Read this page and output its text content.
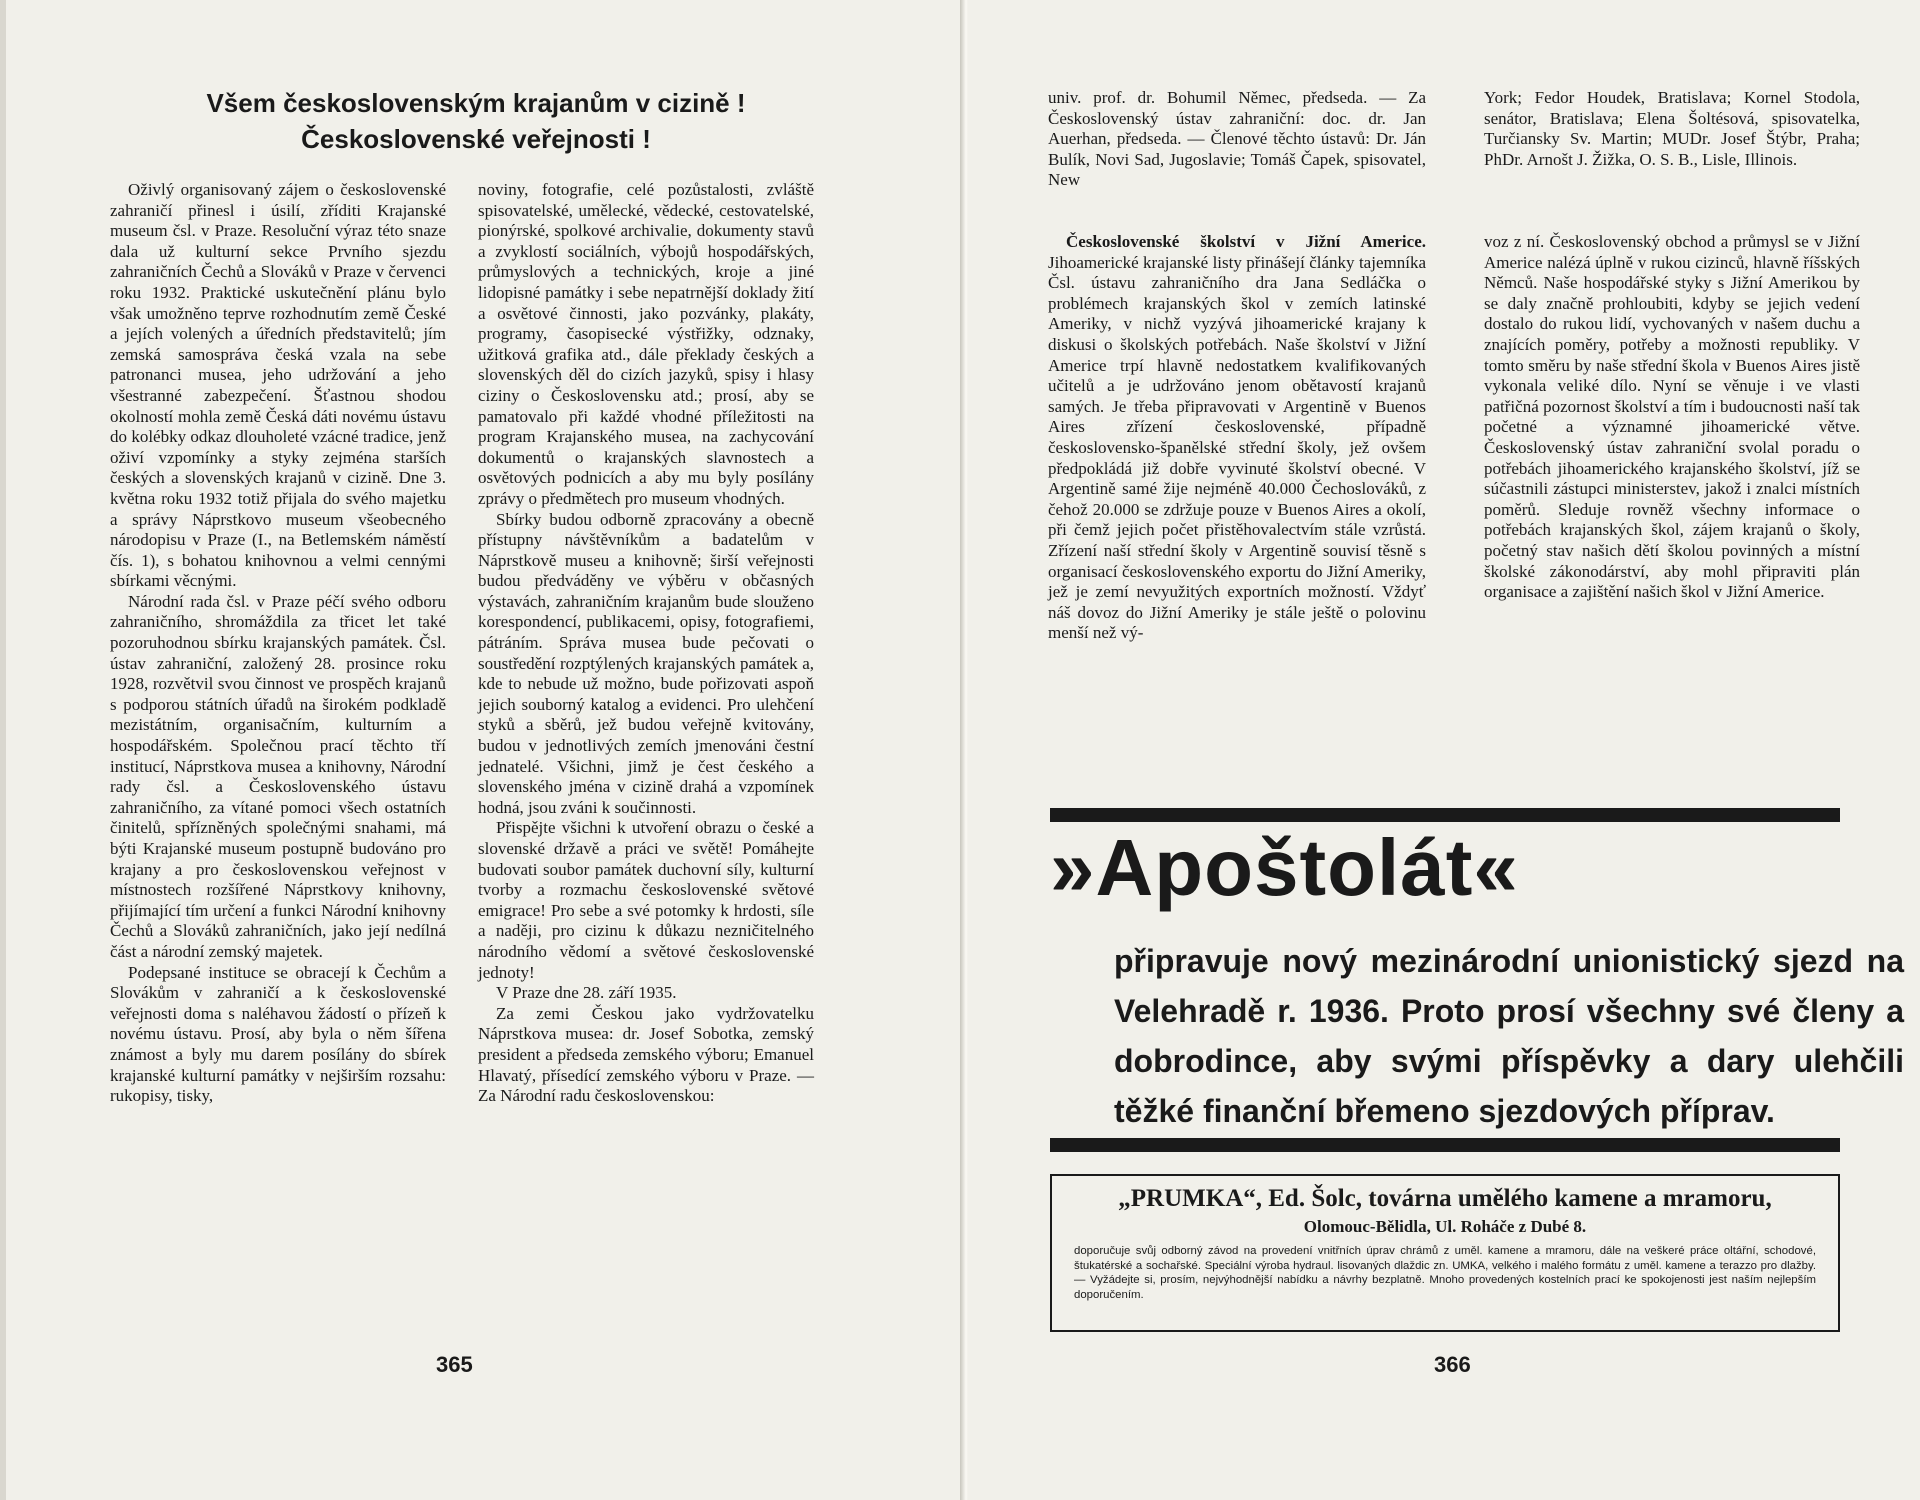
Všem československým krajanům v cizině !
Československé veřejnosti !

Oživlý organisovaný zájem o československé zahraničí přinesl i úsilí, zříditi Krajanské museum čsl. v Praze. Resoluční výraz této snaze dala už kulturní sekce Prvního sjezdu zahraničních Čechů a Slováků v Praze v červenci roku 1932. Praktické uskutečnění plánu bylo však umožněno teprve rozhodnutím země České a jejích volených a úředních představitelů; jím zemská samospráva česká vzala na sebe patronanci musea, jeho udržování a jeho všestranné zabezpečení. Šťastnou shodou okolností mohla země Česká dáti novému ústavu do kolébky odkaz dlouholeté vzácné tradice, jenž oživí vzpomínky a styky zejména starších českých a slovenských krajanů v cizině. Dne 3. května roku 1932 totiž přijala do svého majetku a správy Náprstkovo museum všeobecného národopisu v Praze (I., na Betlemském náměstí čís. 1), s bohatou knihovnou a velmi cennými sbírkami věcnými.

Národní rada čsl. v Praze péčí svého odboru zahraničního, shromáždila za třicet let také pozoruhodnou sbírku krajanských památek. Čsl. ústav zahraniční, založený 28. prosince roku 1928, rozvětvil svou činnost ve prospěch krajanů s podporou státních úřadů na širokém podkladě mezistátním, organisačním, kulturním a hospodářském. Společnou prací těchto tří institucí, Náprstkova musea a knihovny, Národní rady čsl. a Československého ústavu zahraničního, za vítané pomoci všech ostatních činitelů, spřízněných společnými snahami, má býti Krajanské museum postupně budováno pro krajany a pro československou veřejnost v místnostech rozšířené Náprstkovy knihovny, přijímající tím určení a funkci Národní knihovny Čechů a Slováků zahraničních, jako její nedílná část a národní zemský majetek.

Podepsané instituce se obracejí k Čechům a Slovákům v zahraničí a k československé veřejnosti doma s naléhavou žádostí o přízeň k novému ústavu. Prosí, aby byla o něm šířena známost a byly mu darem posílány do sbírek krajanské kulturní památky v nejširším rozsahu: rukopisy, tisky,

noviny, fotografie, celé pozůstalosti, zvláště spisovatelské, umělecké, vědecké, cestovatelské, pionýrské, spolkové archivalie, dokumenty stavů a zvyklostí sociálních, výbojů hospodářských, průmyslových a technických, kroje a jiné lidopisné památky i sebe nepatrnější doklady žití a osvětové činnosti, jako pozvánky, plakáty, programy, časopisecké výstřižky, odznaky, užitková grafika atd., dále překlady českých a slovenských děl do cizích jazyků, spisy i hlasy ciziny o Československu atd.; prosí, aby se pamatovalo při každé vhodné příležitosti na program Krajanského musea, na zachycování dokumentů o krajanských slavnostech a osvětových podnicích a aby mu byly posílány zprávy o předmětech pro museum vhodných.

Sbírky budou odborně zpracovány a obecně přístupny návštěvníkům a badatelům v Náprstkově museu a knihovně; širší veřejnosti budou předváděny ve výběru v občasných výstavách, zahraničním krajanům bude slouženo korespondencí, publikacemi, opisy, fotografiemi, pátráním. Správa musea bude pečovati o soustředění rozptýlených krajanských památek a, kde to nebude už možno, bude pořizovati aspoň jejich souborný katalog a evidenci. Pro ulehčení styků a sběrů, jež budou veřejně kvitovány, budou v jednotlivých zemích jmenováni čestní jednatelé. Všichni, jimž je čest českého a slovenského jména v cizině drahá a vzpomínek hodná, jsou zváni k součinnosti.

Přispějte všichni k utvoření obrazu o české a slovenské državě a práci ve světě! Pomáhejte budovati soubor památek duchovní síly, kulturní tvorby a rozmachu československé světové emigrace! Pro sebe a své potomky k hrdosti, síle a naději, pro cizinu k důkazu nezničitelného národního vědomí a světové československé jednoty!

V Praze dne 28. září 1935.

Za zemi Českou jako vydržovatelku Náprstkova musea: dr. Josef Sobotka, zemský president a předseda zemského výboru; Emanuel Hlavatý, přísedící zemského výboru v Praze. — Za Národní radu československou:

365

univ. prof. dr. Bohumil Němec, předseda. — Za Československý ústav zahraniční: doc. dr. Jan Auerhan, předseda. — Členové těchto ústavů: Dr. Ján Bulík, Novi Sad, Jugoslavie; Tomáš Čapek, spisovatel, New

York; Fedor Houdek, Bratislava; Kornel Stodola, senátor, Bratislava; Elena Šoltésová, spisovatelka, Turčiansky Sv. Martin; MUDr. Josef Štýbr, Praha; PhDr. Arnošt J. Žižka, O. S. B., Lisle, Illinois.

Československé školství v Jižní Americe. Jihoamerické krajanské listy přinášejí články tajemníka Čsl. ústavu zahraničního dra Jana Sedláčka o problémech krajanských škol v zemích latinské Ameriky, v nichž vyzývá jihoamerické krajany k diskusi o školských potřebách. Naše školství v Jižní Americe trpí hlavně nedostatkem kvalifikovaných učitelů a je udržováno jenom obětavostí krajanů samých. Je třeba připravovati v Argentině v Buenos Aires zřízení československé, případně československo-španělské střední školy, jež ovšem předpokládá již dobře vyvinuté školství obecné. V Argentině samé žije nejméně 40.000 Čechoslováků, z čehož 20.000 se zdržuje pouze v Buenos Aires a okolí, při čemž jejich počet přistěhovalectvím stále vzrůstá. Zřízení naší střední školy v Argentině souvisí těsně s organisací československého exportu do Jižní Ameriky, jež je zemí nevyužitých exportních možností. Vždyť náš dovoz do Jižní Ameriky je stále ještě o polovinu menší než vý-

voz z ní. Československý obchod a průmysl se v Jižní Americe nalézá úplně v rukou cizinců, hlavně říšských Němců. Naše hospodářské styky s Jižní Amerikou by se daly značně prohloubiti, kdyby se jejich vedení dostalo do rukou lidí, vychovaných v našem duchu a znajících poměry, potřeby a možnosti republiky. V tomto směru by naše střední škola v Buenos Aires jistě vykonala veliké dílo. Nyní se věnuje i ve vlasti patřičná pozornost školství a tím i budoucnosti naší tak početné a významné jihoamerické větve. Československý ústav zahraniční svolal poradu o potřebách jihoamerického krajanského školství, jíž se súčastnili zástupci ministerstev, jakož i znalci místních poměrů. Sleduje rovněž všechny informace o potřebách krajanských škol, zájem krajanů o školy, početný stav našich dětí školou povinných a místní školské zákonodárství, aby mohl připraviti plán organisace a zajištění našich škol v Jižní Americe.

»Apoštolát«

připravuje nový mezinárodní unionistický sjezd na Velehradě r. 1936. Proto prosí všechny své členy a dobrodince, aby svými příspěvky a dary ulehčili těžké finanční břemeno sjezdových příprav.

„PRUMKA“, Ed. Šolc, továrna umělého kamene a mramoru,

Olomouc-Bělidla, Ul. Roháče z Dubé 8.

doporučuje svůj odborný závod na provedení vnitřních úprav chrámů z uměl. kamene a mramoru, dále na veškeré práce oltářní, schodové, štukatérské a sochařské. Speciální výroba hydraul. lisovaných dlaždic zn. UMKA, velkého i malého formátu z uměl. kamene a terazzo pro dlažby. — Vyžádejte si, prosím, nejvýhodnější nabídku a návrhy bezplatně. Mnoho provedených kostelních prací ke spokojenosti jest naším nejlepším doporučením.

366
